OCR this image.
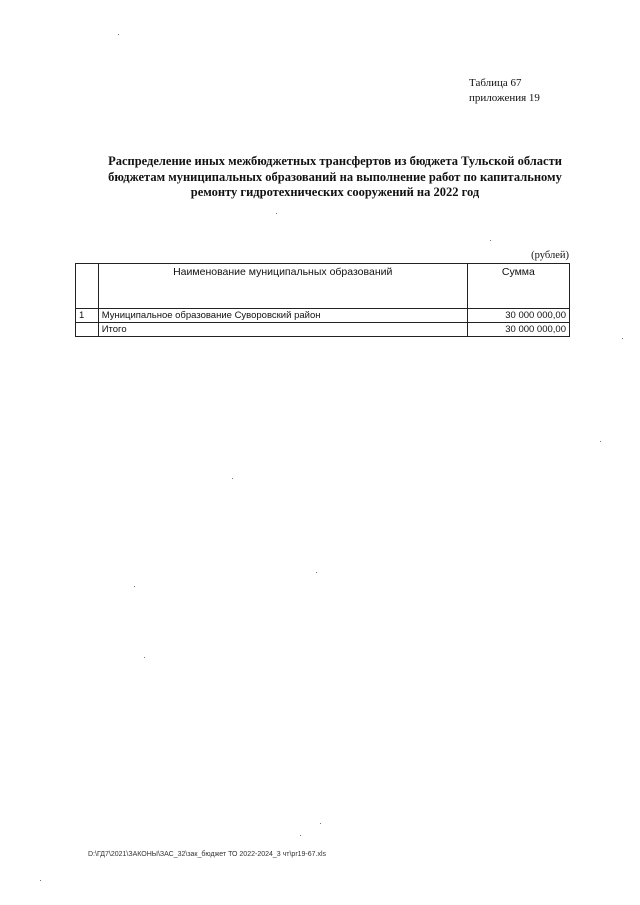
Таблица 67
приложения 19
Распределение иных межбюджетных трансфертов из бюджета Тульской области
бюджетам муниципальных образований на выполнение работ по капитальному
ремонту гидротехнических сооружений на 2022 год
(рублей)
	Наименование муниципальных образований	Сумма
1	Муниципальное образование Суворовский район	30 000 000,00
	Итого	30 000 000,00
D:\ГД7\2021\ЗАКОНЫ\ЗАС_32\зак_бюджет ТО 2022-2024_3 чт\pr19-67.xls
